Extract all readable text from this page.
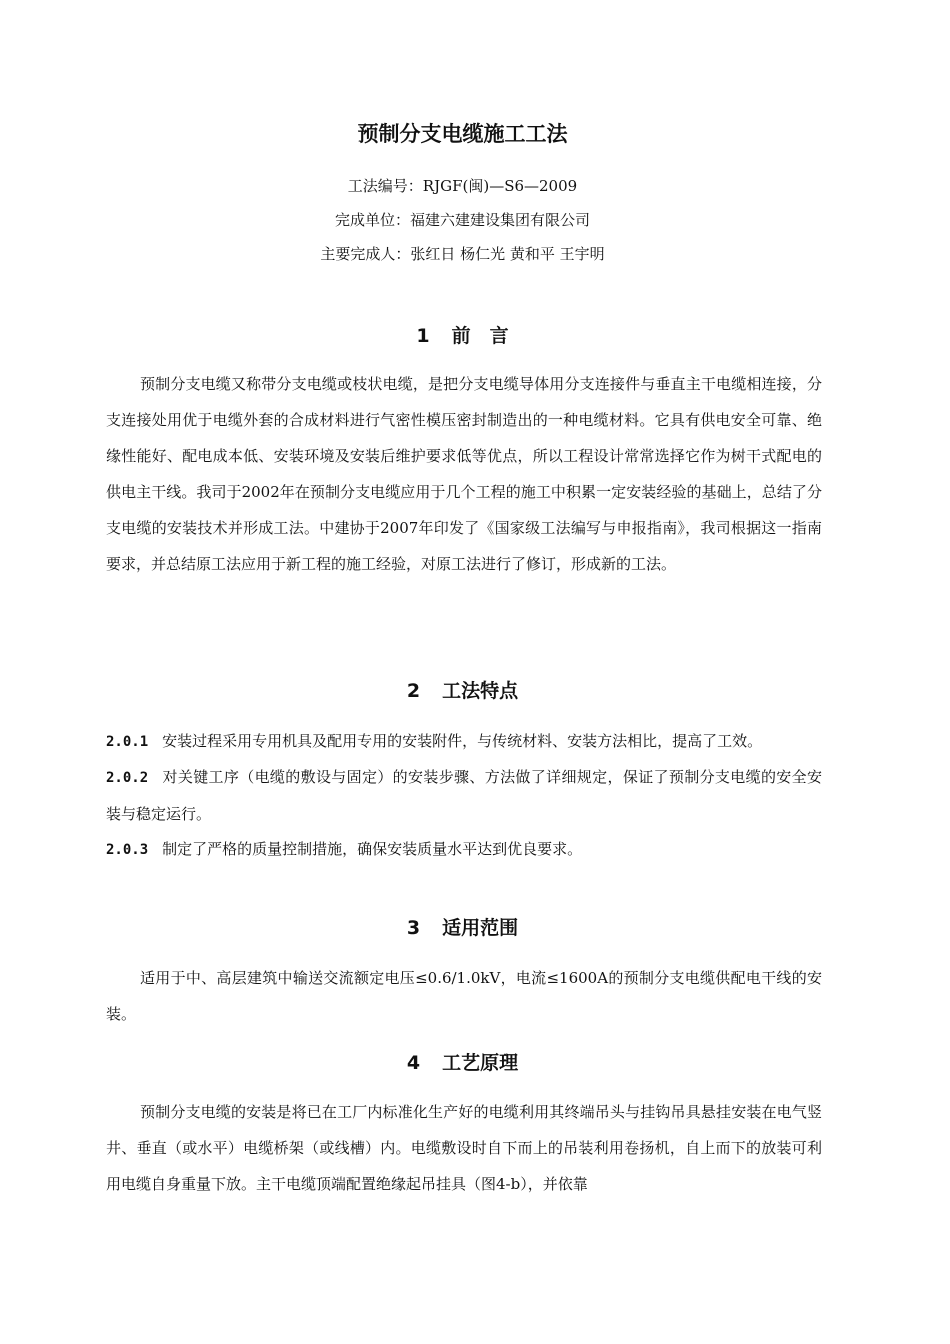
预制分支电缆施工工法

工法编号：RJGF(闽)—S6—2009

完成单位：福建六建建设集团有限公司

主要完成人：张红日 杨仁光 黄和平 王宇明

1 前　言

预制分支电缆又称带分支电缆或枝状电缆，是把分支电缆导体用分支连接件与垂直主干电缆相连接，分支连接处用优于电缆外套的合成材料进行气密性模压密封制造出的一种电缆材料。它具有供电安全可靠、绝缘性能好、配电成本低、安装环境及安装后维护要求低等优点，所以工程设计常常选择它作为树干式配电的供电主干线。我司于2002年在预制分支电缆应用于几个工程的施工中积累一定安装经验的基础上，总结了分支电缆的安装技术并形成工法。中建协于2007年印发了《国家级工法编写与申报指南》，我司根据这一指南要求，并总结原工法应用于新工程的施工经验，对原工法进行了修订，形成新的工法。

2 工法特点

2.0.1 安装过程采用专用机具及配用专用的安装附件，与传统材料、安装方法相比，提高了工效。

2.0.2 对关键工序（电缆的敷设与固定）的安装步骤、方法做了详细规定，保证了预制分支电缆的安全安装与稳定运行。

2.0.3 制定了严格的质量控制措施，确保安装质量水平达到优良要求。

3 适用范围

适用于中、高层建筑中输送交流额定电压≤0.6/1.0kV，电流≤1600A的预制分支电缆供配电干线的安装。

4 工艺原理

预制分支电缆的安装是将已在工厂内标准化生产好的电缆利用其终端吊头与挂钩吊具悬挂安装在电气竖井、垂直（或水平）电缆桥架（或线槽）内。电缆敷设时自下而上的吊装利用卷扬机，自上而下的放装可利用电缆自身重量下放。主干电缆顶端配置绝缘起吊挂具（图4-b），并依靠
